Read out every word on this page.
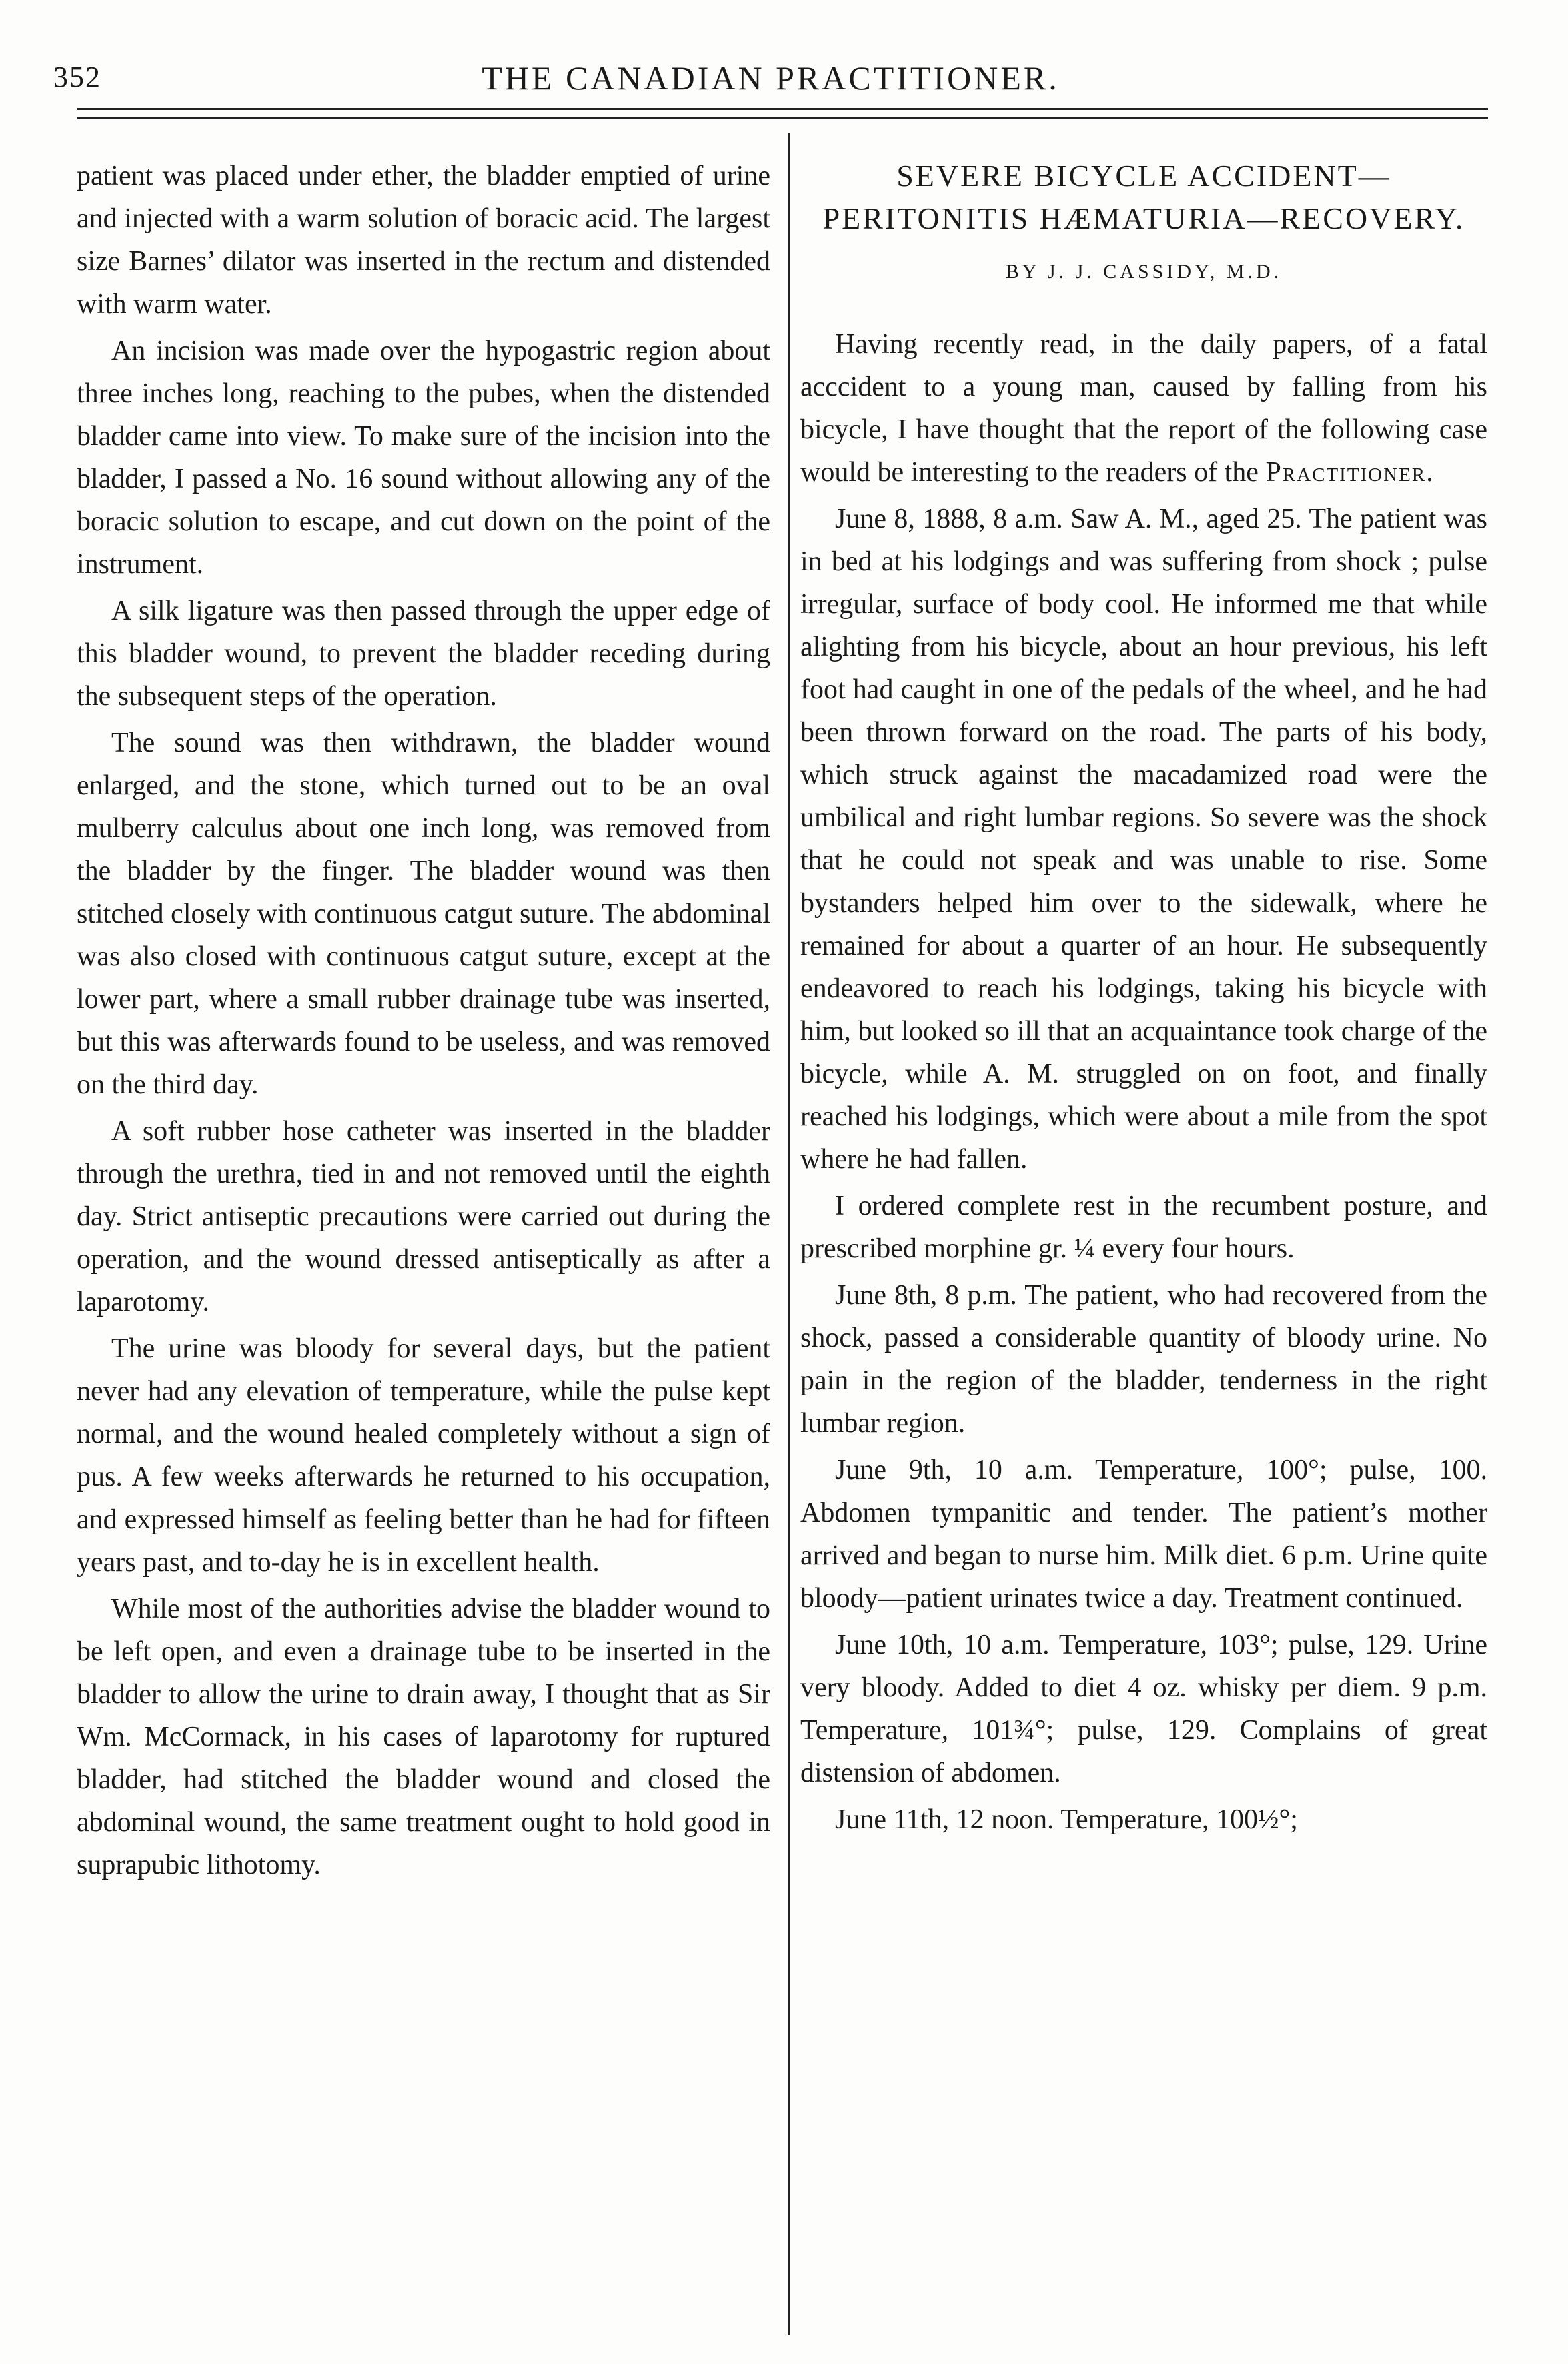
352	THE CANADIAN PRACTITIONER.

patient was placed under ether, the bladder emptied of urine and injected with a warm solution of boracic acid. The largest size Barnes’ dilator was inserted in the rectum and distended with warm water.

An incision was made over the hypogastric region about three inches long, reaching to the pubes, when the distended bladder came into view. To make sure of the incision into the bladder, I passed a No. 16 sound without allowing any of the boracic solution to escape, and cut down on the point of the instrument.

A silk ligature was then passed through the upper edge of this bladder wound, to prevent the bladder receding during the subsequent steps of the operation.

The sound was then withdrawn, the bladder wound enlarged, and the stone, which turned out to be an oval mulberry calculus about one inch long, was removed from the bladder by the finger. The bladder wound was then stitched closely with continuous catgut suture. The abdominal was also closed with continuous catgut suture, except at the lower part, where a small rubber drainage tube was inserted, but this was afterwards found to be useless, and was removed on the third day.

A soft rubber hose catheter was inserted in the bladder through the urethra, tied in and not removed until the eighth day. Strict antiseptic precautions were carried out during the operation, and the wound dressed antiseptically as after a laparotomy.

The urine was bloody for several days, but the patient never had any elevation of temperature, while the pulse kept normal, and the wound healed completely without a sign of pus. A few weeks afterwards he returned to his occupation, and expressed himself as feeling better than he had for fifteen years past, and to-day he is in excellent health.

While most of the authorities advise the bladder wound to be left open, and even a drainage tube to be inserted in the bladder to allow the urine to drain away, I thought that as Sir Wm. McCormack, in his cases of laparotomy for ruptured bladder, had stitched the bladder wound and closed the abdominal wound, the same treatment ought to hold good in suprapubic lithotomy.

SEVERE BICYCLE ACCIDENT—PERITONITIS HÆMATURIA—RECOVERY.
BY J. J. CASSIDY, M.D.

Having recently read, in the daily papers, of a fatal acccident to a young man, caused by falling from his bicycle, I have thought that the report of the following case would be interesting to the readers of the Practitioner.

June 8, 1888, 8 a.m. Saw A. M., aged 25. The patient was in bed at his lodgings and was suffering from shock ; pulse irregular, surface of body cool. He informed me that while alighting from his bicycle, about an hour previous, his left foot had caught in one of the pedals of the wheel, and he had been thrown forward on the road. The parts of his body, which struck against the macadamized road were the umbilical and right lumbar regions. So severe was the shock that he could not speak and was unable to rise. Some bystanders helped him over to the sidewalk, where he remained for about a quarter of an hour. He subsequently endeavored to reach his lodgings, taking his bicycle with him, but looked so ill that an acquaintance took charge of the bicycle, while A. M. struggled on on foot, and finally reached his lodgings, which were about a mile from the spot where he had fallen.

I ordered complete rest in the recumbent posture, and prescribed morphine gr. ¼ every four hours.

June 8th, 8 p.m. The patient, who had recovered from the shock, passed a considerable quantity of bloody urine. No pain in the region of the bladder, tenderness in the right lumbar region.

June 9th, 10 a.m. Temperature, 100°; pulse, 100. Abdomen tympanitic and tender. The patient’s mother arrived and began to nurse him. Milk diet. 6 p.m. Urine quite bloody—patient urinates twice a day. Treatment continued.

June 10th, 10 a.m. Temperature, 103°; pulse, 129. Urine very bloody. Added to diet 4 oz. whisky per diem. 9 p.m. Temperature, 101¾°; pulse, 129. Complains of great distension of abdomen.

June 11th, 12 noon. Temperature, 100½°;
